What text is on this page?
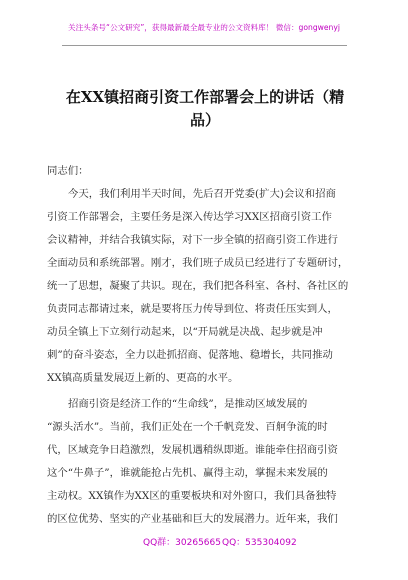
关注头条号“公文研究”，获得最新最全最专业的公文资料库！ 微信：gongwenyj
在XX镇招商引资工作部署会上的讲话（精
品）
同志们：
今天，我们利用半天时间，先后召开党委(扩大)会议和招商
引资工作部署会，主要任务是深入传达学习XX区招商引资工作
会议精神，并结合我镇实际，对下一步全镇的招商引资工作进行
全面动员和系统部署。刚才，我们班子成员已经进行了专题研讨，
统一了思想，凝聚了共识。现在，我们把各科室、各村、各社区的
负责同志都请过来，就是要将压力传导到位、将责任压实到人，
动员全镇上下立刻行动起来，以“开局就是决战、起步就是冲
刺”的奋斗姿态，全力以赴抓招商、促落地、稳增长，共同推动
XX镇高质量发展迈上新的、更高的水平。
招商引资是经济工作的“生命线”，是推动区域发展的
“源头活水”。当前，我们正处在一个千帆竞发、百舸争流的时
代，区域竞争日趋激烈，发展机遇稍纵即逝。谁能牵住招商引资
这个“牛鼻子”，谁就能抢占先机、赢得主动，掌握未来发展的
主动权。XX镇作为XX区的重要板块和对外窗口，我们具备独特
的区位优势、坚实的产业基础和巨大的发展潜力。近年来，我们
QQ群：30265665 QQ：535304092
